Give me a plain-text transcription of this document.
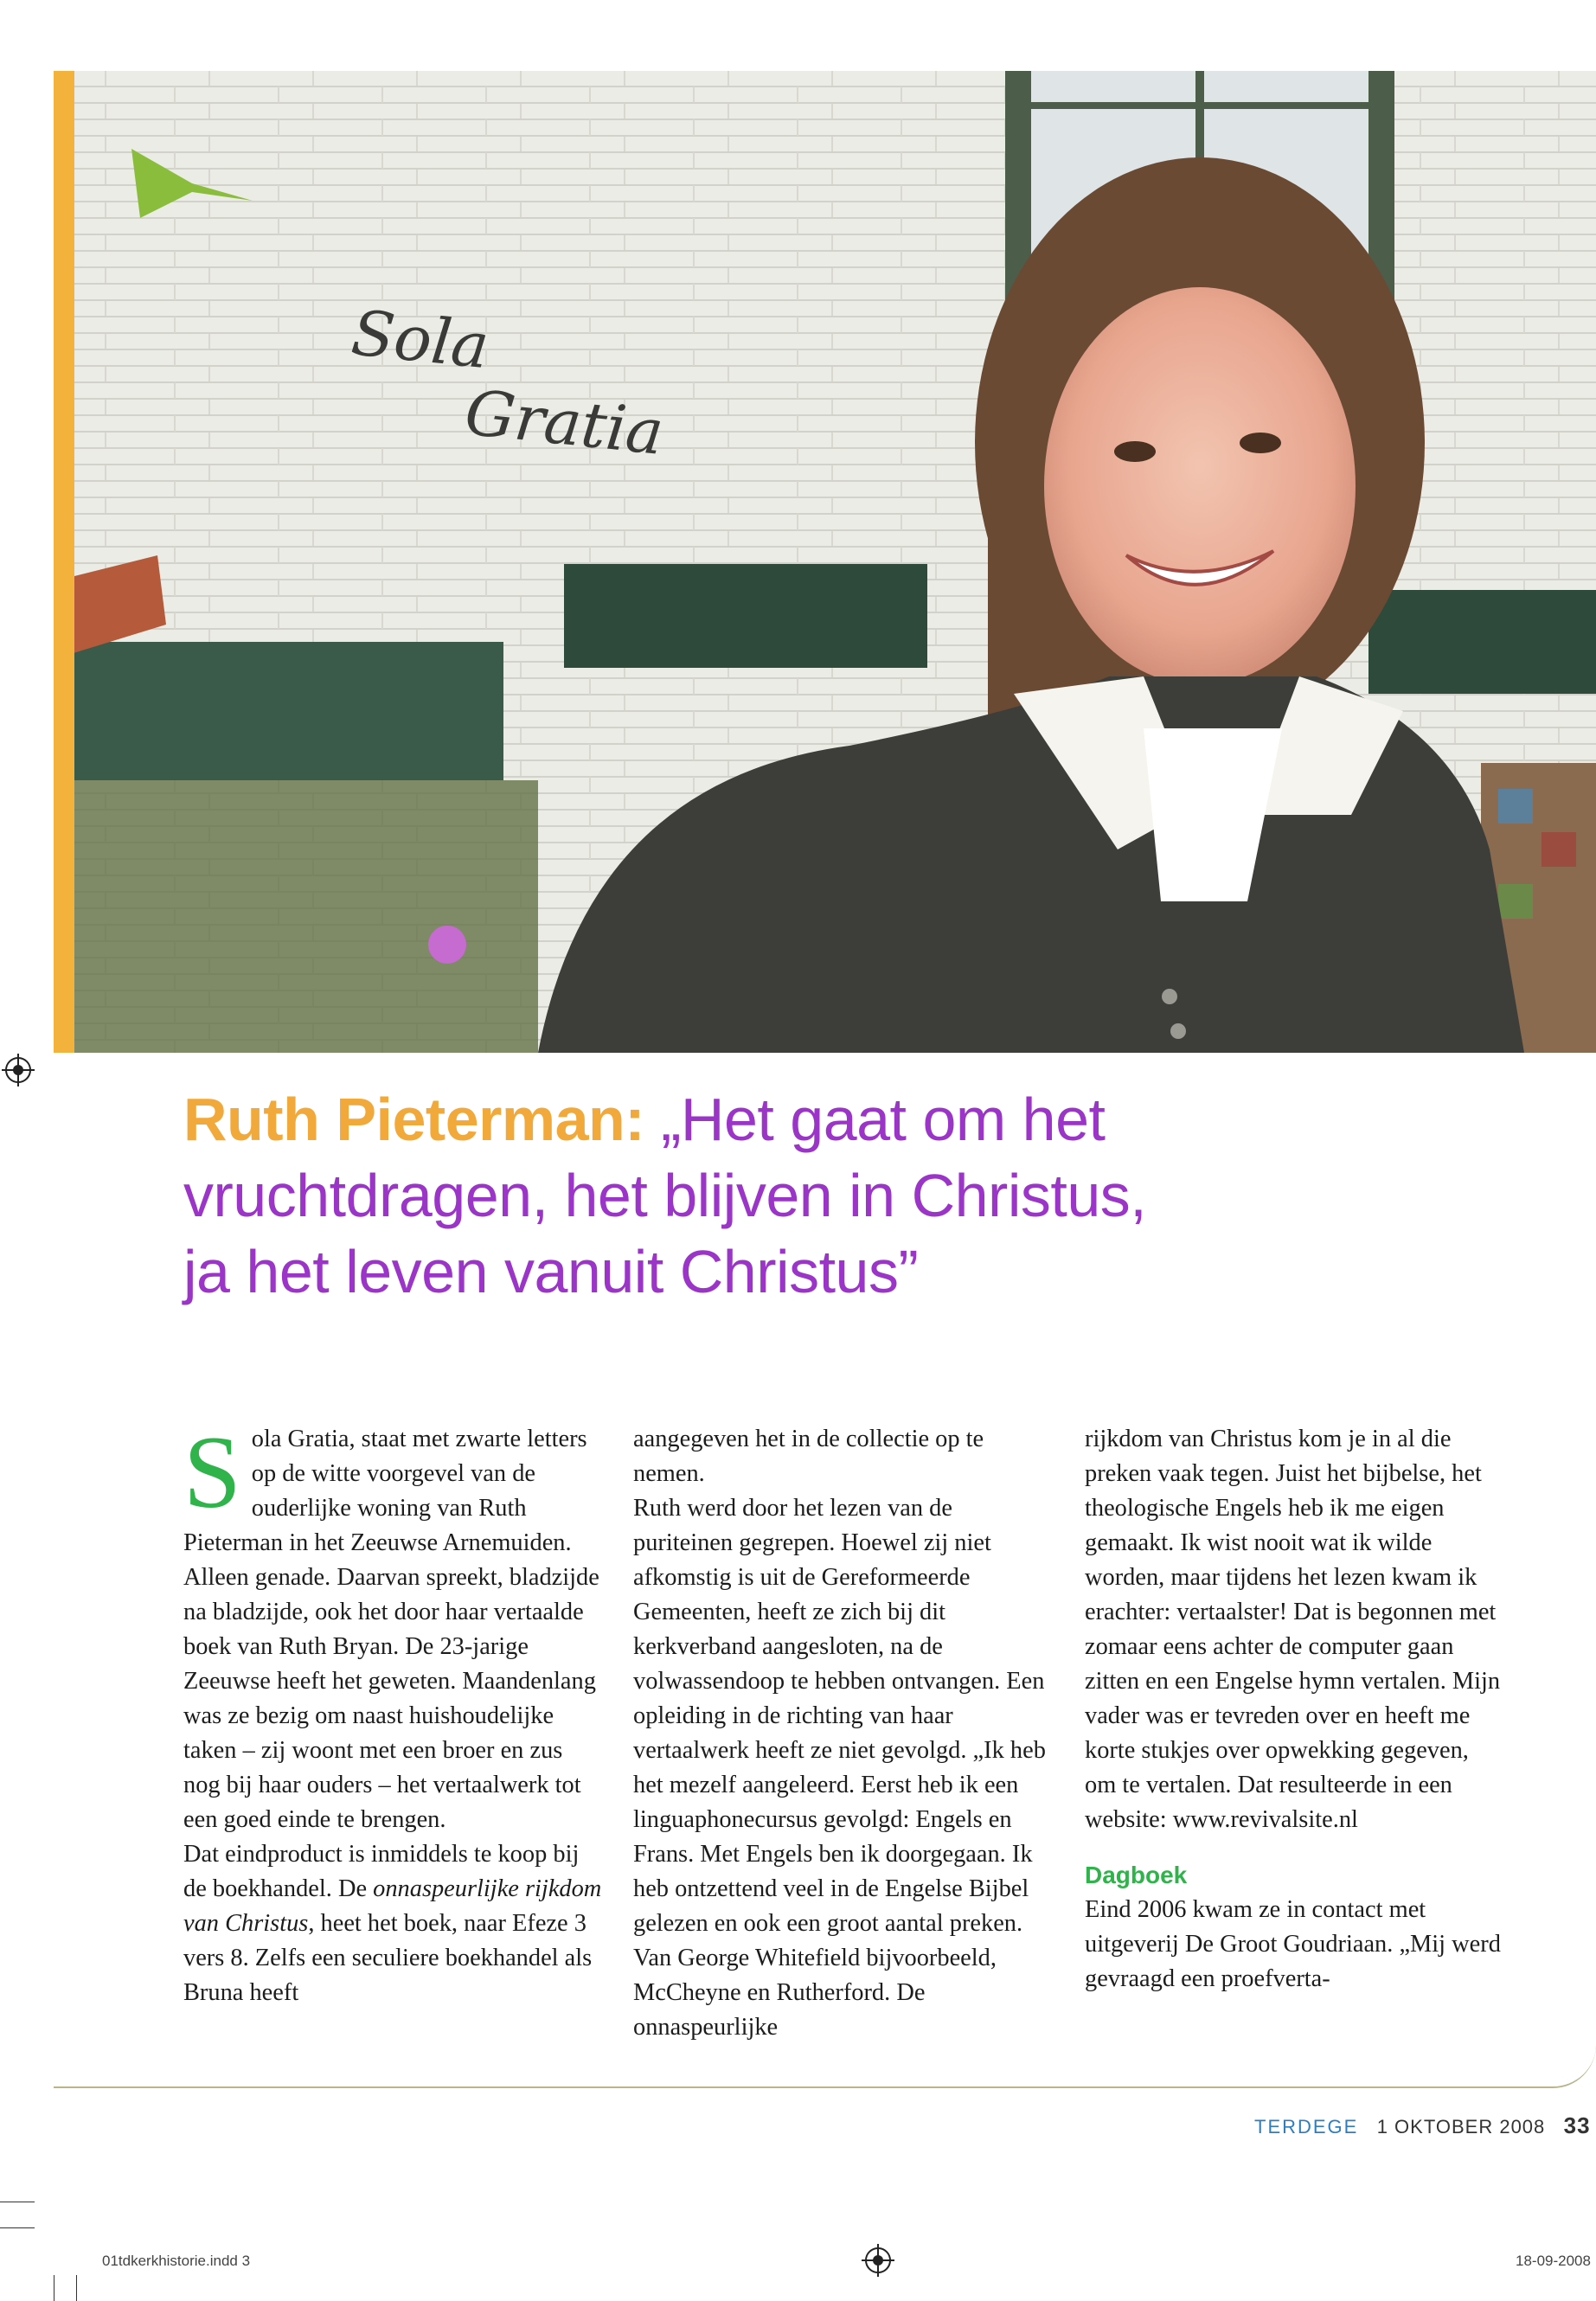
Sola
Gratia
Ruth Pieterman: „Het gaat om het
vruchtdragen, het blijven in Christus,
ja het leven vanuit Christus”
S ola Gratia, staat met zwarte letters op de witte voorgevel van de ouderlijke woning van Ruth Pieterman in het Zeeuwse Arnemuiden. Alleen genade. Daarvan spreekt, bladzijde na bladzijde, ook het door haar vertaalde boek van Ruth Bryan. De 23-jarige Zeeuwse heeft het geweten. Maandenlang was ze bezig om naast huishoudelijke taken – zij woont met een broer en zus nog bij haar ouders – het vertaalwerk tot een goed einde te brengen.

Dat eindproduct is inmiddels te koop bij de boekhandel. De onnaspeurlijke rijkdom van Christus, heet het boek, naar Efeze 3 vers 8. Zelfs een seculiere boekhandel als Bruna heeft

aangegeven het in de collectie op te nemen.

Ruth werd door het lezen van de puriteinen gegrepen. Hoewel zij niet afkomstig is uit de Gereformeerde Gemeenten, heeft ze zich bij dit kerkverband aangesloten, na de volwassendoop te hebben ontvangen. Een opleiding in de richting van haar vertaalwerk heeft ze niet gevolgd. „Ik heb het mezelf aangeleerd. Eerst heb ik een linguaphonecursus gevolgd: Engels en Frans. Met Engels ben ik doorgegaan. Ik heb ontzettend veel in de Engelse Bijbel gelezen en ook een groot aantal preken. Van George Whitefield bijvoorbeeld, McCheyne en Rutherford. De onnaspeurlijke

rijkdom van Christus kom je in al die preken vaak tegen. Juist het bijbelse, het theologische Engels heb ik me eigen gemaakt. Ik wist nooit wat ik wilde worden, maar tijdens het lezen kwam ik erachter: vertaalster! Dat is begonnen met zomaar eens achter de computer gaan zitten en een Engelse hymn vertalen. Mijn vader was er tevreden over en heeft me korte stukjes over opwekking gegeven, om te vertalen. Dat resulteerde in een website: www.revivalsite.nl

Dagboek

Eind 2006 kwam ze in contact met uitgeverij De Groot Goudriaan. „Mij werd gevraagd een proefverta-

TERDEGE 1 OKTOBER 2008 33
01tdkerkhistorie.indd 3	18-09-2008
